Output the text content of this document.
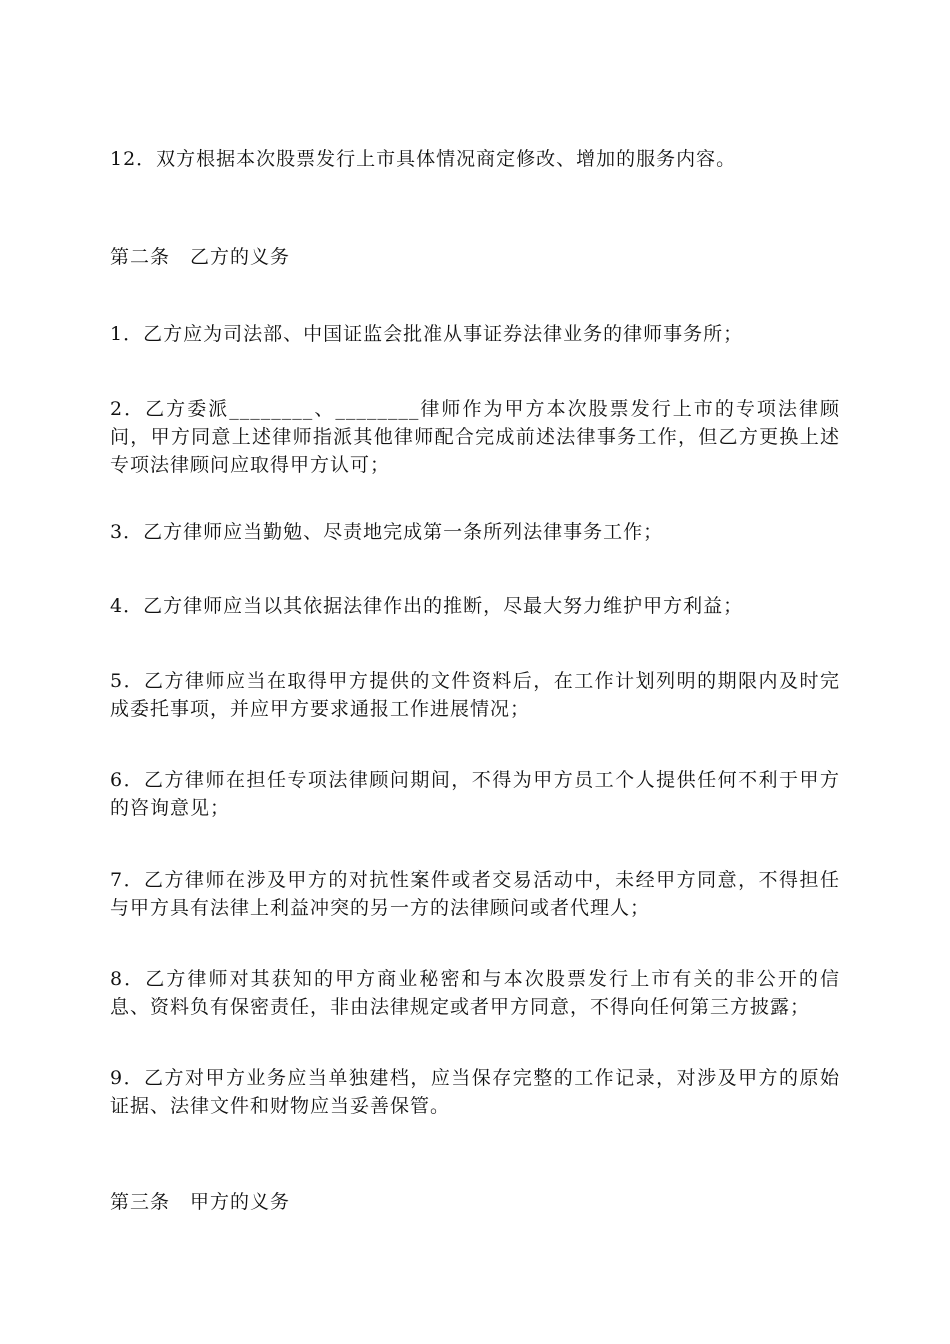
12．双方根据本次股票发行上市具体情况商定修改、增加的服务内容。
第二条　乙方的义务
1．乙方应为司法部、中国证监会批准从事证券法律业务的律师事务所；
2．乙方委派________、________律师作为甲方本次股票发行上市的专项法律顾问，甲方同意上述律师指派其他律师配合完成前述法律事务工作，但乙方更换上述专项法律顾问应取得甲方认可；
3．乙方律师应当勤勉、尽责地完成第一条所列法律事务工作；
4．乙方律师应当以其依据法律作出的推断，尽最大努力维护甲方利益；
5．乙方律师应当在取得甲方提供的文件资料后，在工作计划列明的期限内及时完成委托事项，并应甲方要求通报工作进展情况；
6．乙方律师在担任专项法律顾问期间，不得为甲方员工个人提供任何不利于甲方的咨询意见；
7．乙方律师在涉及甲方的对抗性案件或者交易活动中，未经甲方同意，不得担任与甲方具有法律上利益冲突的另一方的法律顾问或者代理人；
8．乙方律师对其获知的甲方商业秘密和与本次股票发行上市有关的非公开的信息、资料负有保密责任，非由法律规定或者甲方同意，不得向任何第三方披露；
9．乙方对甲方业务应当单独建档，应当保存完整的工作记录，对涉及甲方的原始证据、法律文件和财物应当妥善保管。
第三条　甲方的义务
